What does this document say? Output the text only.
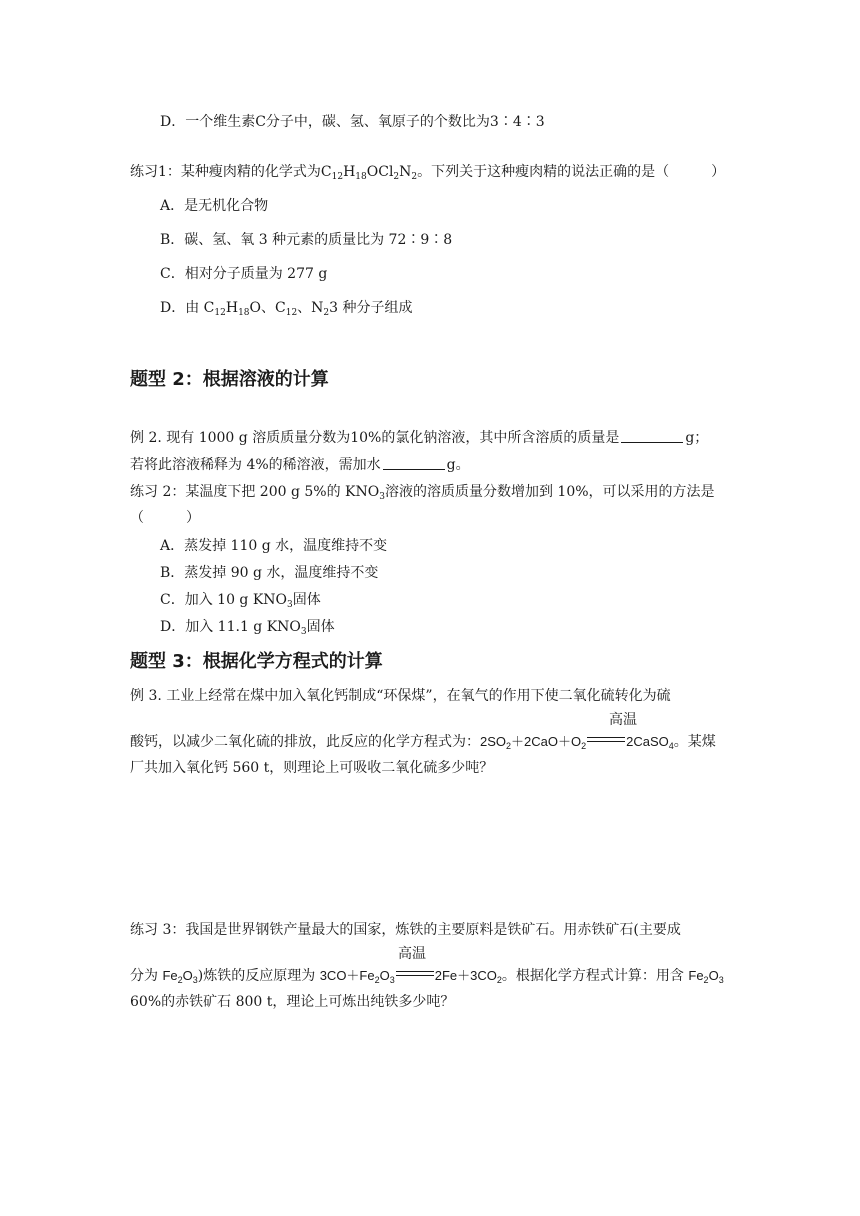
D．一个维生素C分子中，碳、氢、氧原子的个数比为3∶4∶3
练习1：某种瘦肉精的化学式为$C_{12}H_{18}OCl_2N_2$。下列关于这种瘦肉精的说法正确的是（	）
A．是无机化合物
B．碳、氢、氧 3 种元素的质量比为 72∶9∶8
C．相对分子质量为 277 g
D．由 $C_{12}H_{18}O$、$C_{12}$、$N_23$ 种分子组成
题型 2：根据溶液的计算
例 2. 现有 1000 g 溶质质量分数为10%的氯化钠溶液，其中所含溶质的质量是	g；
若将此溶液稀释为 4%的稀溶液，需加水	g。
练习 2：某温度下把 200 g 5%的 $KNO_3$溶液的溶质质量分数增加到 10%，可以采用的方法是
（	）
A．蒸发掉 110 g 水，温度维持不变
B．蒸发掉 90 g 水，温度维持不变
C．加入 10 g $KNO_3$固体
D．加入 11.1 g $KNO_3$固体
题型 3：根据化学方程式的计算
例 3. 工业上经常在煤中加入氧化钙制成“环保煤”，在氧气的作用下使二氧化硫转化为硫
高温
酸钙，以减少二氧化硫的排放，此反应的化学方程式为：$2SO_2+2CaO+O_2$	2CaSO$_4$。某煤
厂共加入氧化钙 560 t，则理论上可吸收二氧化硫多少吨？
练习 3：我国是世界钢铁产量最大的国家，炼铁的主要原料是铁矿石。用赤铁矿石(主要成
高温
分为 $Fe_2O_3$)炼铁的反应原理为 $3CO+Fe_2O_3$	$2Fe+3CO_2$。根据化学方程式计算：用含 $Fe_2O_3$
60%的赤铁矿石 800 t，理论上可炼出纯铁多少吨？
